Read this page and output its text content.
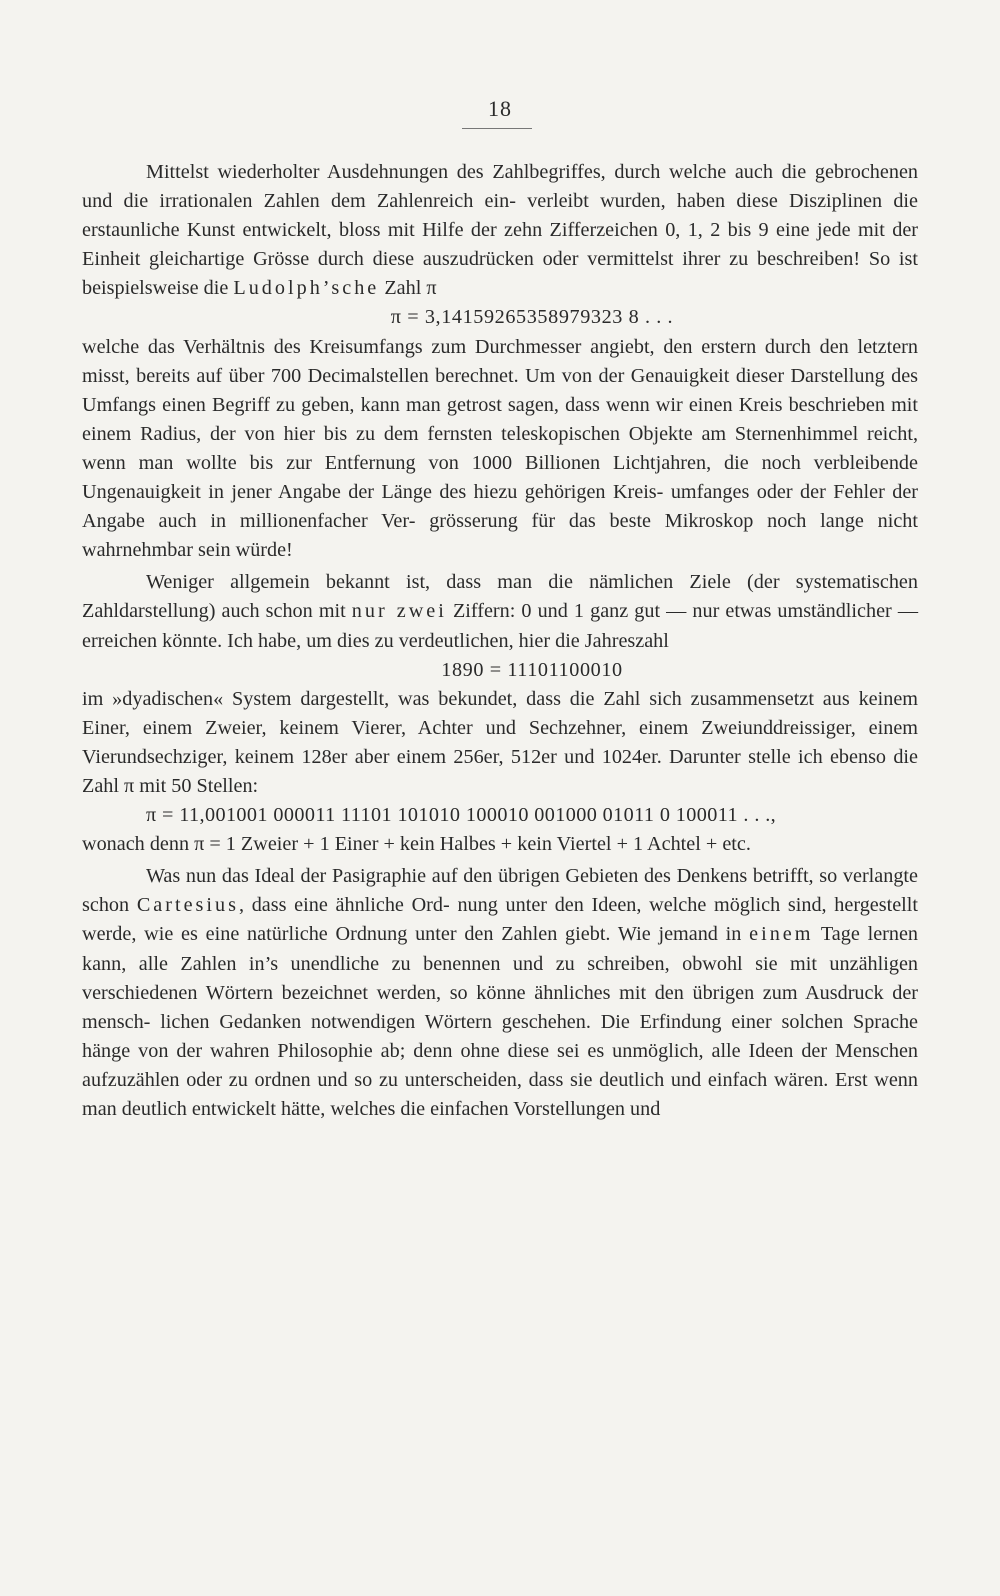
18

Mittelst wiederholter Ausdehnungen des Zahlbegriffes, durch welche auch die gebrochenen und die irrationalen Zahlen dem Zahlenreich ein- verleibt wurden, haben diese Disziplinen die erstaunliche Kunst entwickelt, bloss mit Hilfe der zehn Zifferzeichen 0, 1, 2 bis 9 eine jede mit der Einheit gleichartige Grösse durch diese auszudrücken oder vermittelst ihrer zu beschreiben! So ist beispielsweise die Ludolph’sche Zahl π

π = 3,14159265358979323 8 . . .

welche das Verhältnis des Kreisumfangs zum Durchmesser angiebt, den erstern durch den letztern misst, bereits auf über 700 Decimalstellen berechnet. Um von der Genauigkeit dieser Darstellung des Umfangs einen Begriff zu geben, kann man getrost sagen, dass wenn wir einen Kreis beschrieben mit einem Radius, der von hier bis zu dem fernsten teleskopischen Objekte am Sternenhimmel reicht, wenn man wollte bis zur Entfernung von 1000 Billionen Lichtjahren, die noch verbleibende Ungenauigkeit in jener Angabe der Länge des hiezu gehörigen Kreis- umfanges oder der Fehler der Angabe auch in millionenfacher Ver- grösserung für das beste Mikroskop noch lange nicht wahrnehmbar sein würde!

Weniger allgemein bekannt ist, dass man die nämlichen Ziele (der systematischen Zahldarstellung) auch schon mit nur zwei Ziffern: 0 und 1 ganz gut — nur etwas umständlicher — erreichen könnte. Ich habe, um dies zu verdeutlichen, hier die Jahreszahl

1890 = 11101100010

im »dyadischen« System dargestellt, was bekundet, dass die Zahl sich zusammensetzt aus keinem Einer, einem Zweier, keinem Vierer, Achter und Sechzehner, einem Zweiunddreissiger, einem Vierundsechziger, keinem 128er aber einem 256er, 512er und 1024er. Darunter stelle ich ebenso die Zahl π mit 50 Stellen:

π = 11,001001 000011 11101 101010 100010 001000 01011 0 100011 . . .,

wonach denn π = 1 Zweier + 1 Einer + kein Halbes + kein Viertel + 1 Achtel + etc.

Was nun das Ideal der Pasigraphie auf den übrigen Gebieten des Denkens betrifft, so verlangte schon Cartesius, dass eine ähnliche Ord- nung unter den Ideen, welche möglich sind, hergestellt werde, wie es eine natürliche Ordnung unter den Zahlen giebt. Wie jemand in einem Tage lernen kann, alle Zahlen in’s unendliche zu benennen und zu schreiben, obwohl sie mit unzähligen verschiedenen Wörtern bezeichnet werden, so könne ähnliches mit den übrigen zum Ausdruck der mensch- lichen Gedanken notwendigen Wörtern geschehen. Die Erfindung einer solchen Sprache hänge von der wahren Philosophie ab; denn ohne diese sei es unmöglich, alle Ideen der Menschen aufzuzählen oder zu ordnen und so zu unterscheiden, dass sie deutlich und einfach wären. Erst wenn man deutlich entwickelt hätte, welches die einfachen Vorstellungen und
